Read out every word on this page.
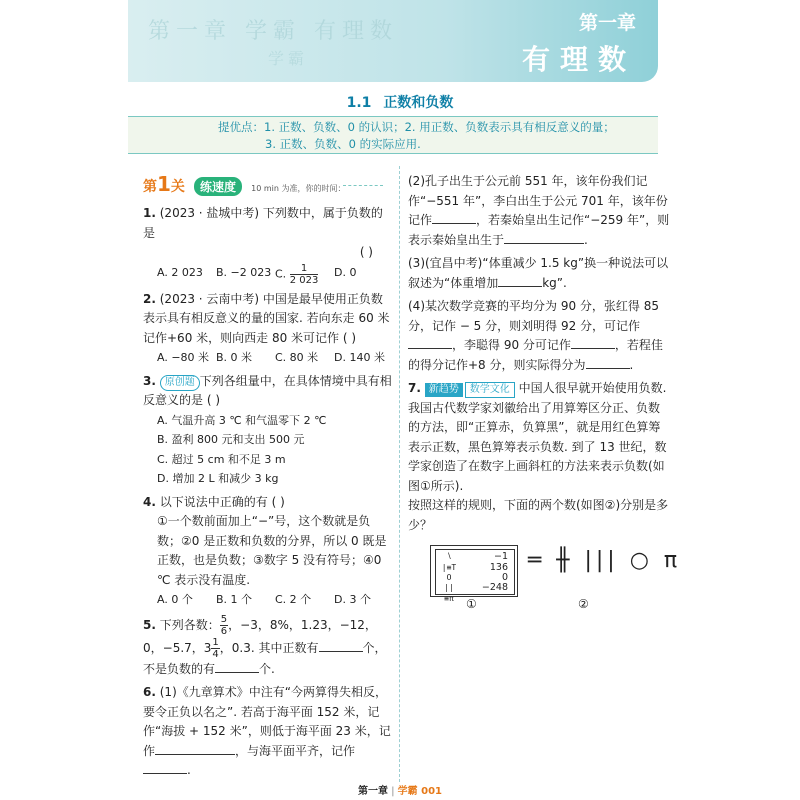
第一章 学霸 有理数
学霸
第一章
有理数
1.1 正数和负数
提优点：1. 正数、负数、0 的认识；2. 用正数、负数表示具有相反意义的量；
3. 正数、负数、0 的实际应用.
第1关 练速度 10 min 为准，你的时间：
1. (2023 · 盐城中考) 下列数中，属于负数的是
( )
A. 2 023	B. −2 023 C. $\frac{1}{2 023}$	D. 0
2. (2023 · 云南中考) 中国是最早使用正负数表示具有相反意义的量的国家. 若向东走 60 米记作+60 米，则向西走 80 米可记作 ( )
A. −80 米 B. 0 米	C. 80 米	D. 140 米
3. 原创题 下列各组量中，在具体情境中具有相反意义的是 ( )
A. 气温升高 3 ℃ 和气温零下 2 ℃
B. 盈利 800 元和支出 500 元
C. 超过 5 cm 和不足 3 m
D. 增加 2 L 和减少 3 kg
4. 以下说法中正确的有 ( )
①一个数前面加上“−”号，这个数就是负数；②0 是正数和负数的分界，所以 0 既是正数，也是负数；③数字 5 没有符号；④0 ℃ 表示没有温度.
A. 0 个	B. 1 个	C. 2 个	D. 3 个
5. 下列各数： $\frac{5}{6}$，−3，8%，1.23，−12，0，−5.7，$3 \frac{1}{4}$，0.3. 其中正数有	个，不是负数的有	个.
6. (1)《九章算术》中注有“今两算得失相反，要令正负以名之”. 若高于海平面 152 米，记作“海拔 + 152 米”，则低于海平面 23 米，记作	，与海平面平齐，记作.
(2)孔子出生于公元前 551 年，该年份我们记作“−551 年”，李白出生于公元 701 年，该年份记作	，若秦始皇出生记作“−259 年”，则表示秦始皇出生于	.
(3)(宜昌中考)“体重减少 1.5 kg”换一种说法可以叙述为“体重增加	kg”.
(4)某次数学竞赛的平均分为 90 分，张红得 85 分，记作 − 5 分，则刘明得 92 分，可记作，李聪得 90 分可记作	，若程佳的得分记作+8 分，则实际得分为	.
7. 新趋势 数学文化 中国人很早就开始使用负数. 我国古代数学家刘徽给出了用算筹区分正、负数的方法，即“正算赤，负算黑”，就是用红色算筹表示正数，黑色算筹表示负数. 到了 13 世纪，数学家创造了在数字上画斜杠的方法来表示负数(如图①所示).
按照这样的规则，下面的两个数(如图②)分别是多少？
∖	−1
|≡T	136
O	0
||≡π
−248
═ ╫ ||| ○ π
①	②
第一章 | 学霸 001
